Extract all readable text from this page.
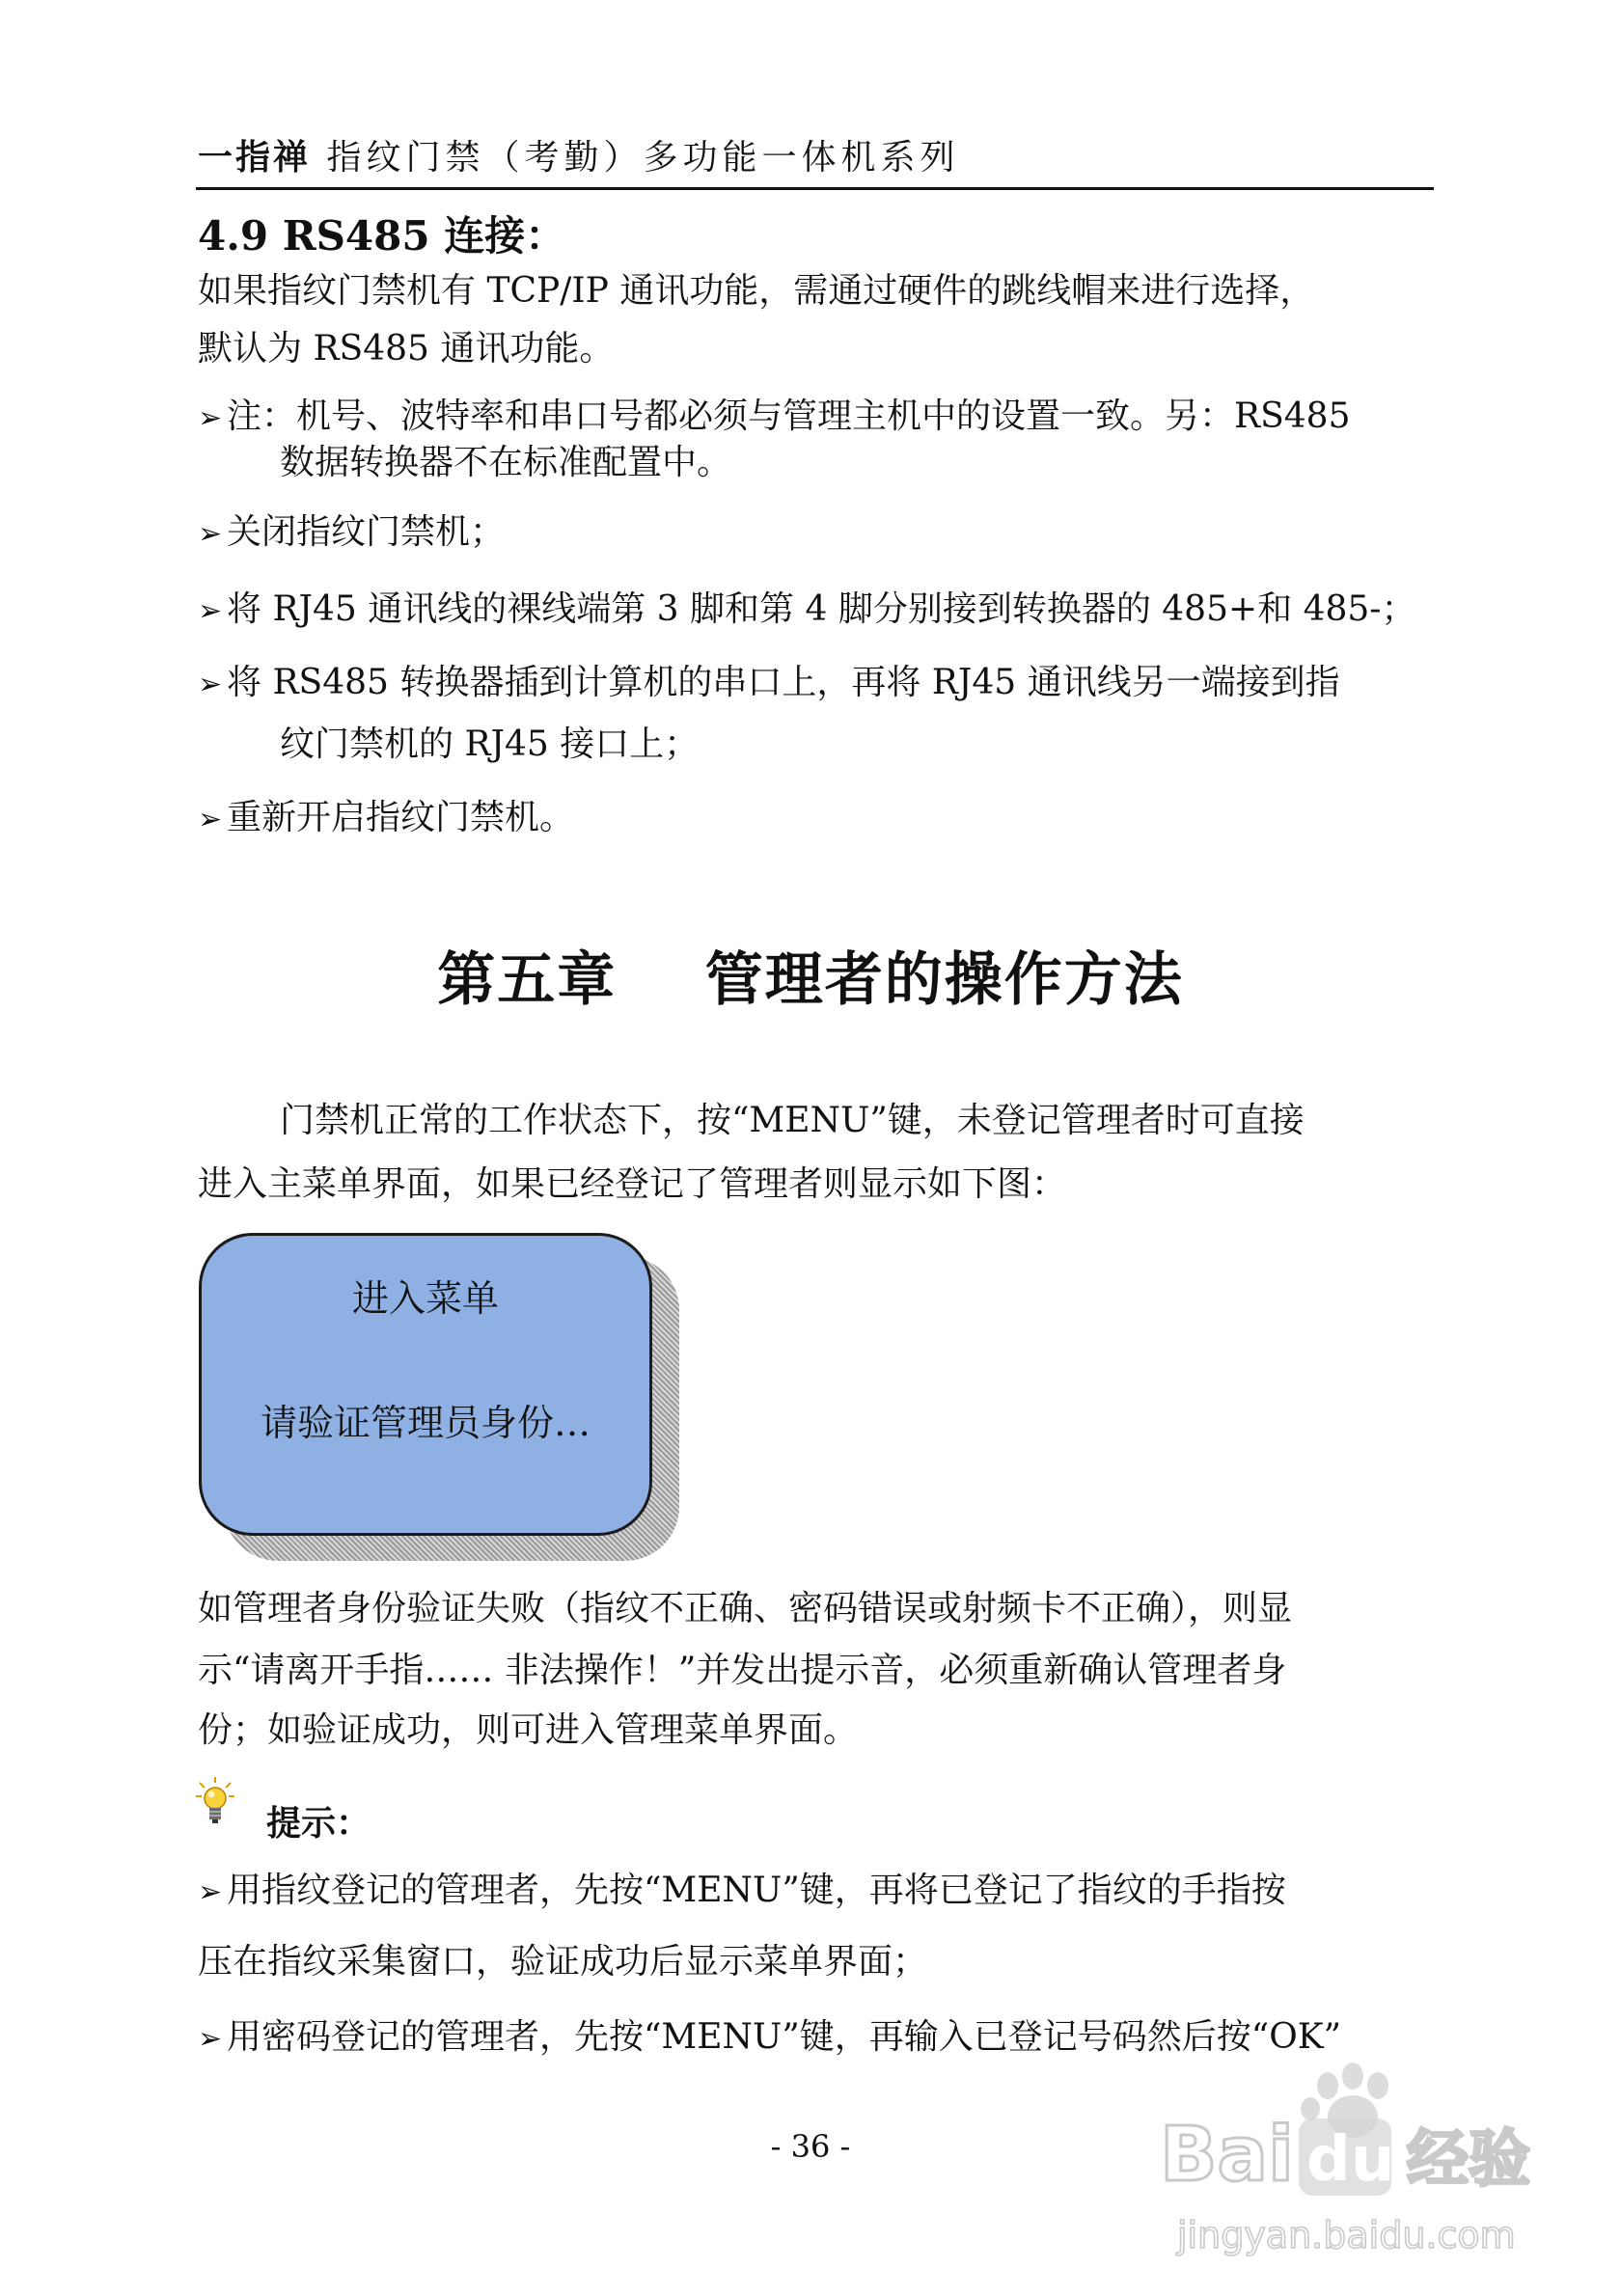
一指禅 指纹门禁（考勤）多功能一体机系列
4.9 RS485 连接：
如果指纹门禁机有 TCP/IP 通讯功能，需通过硬件的跳线帽来进行选择，
默认为 RS485 通讯功能。
➢ 注：机号、波特率和串口号都必须与管理主机中的设置一致。另：RS485
数据转换器不在标准配置中。
➢ 关闭指纹门禁机；
➢ 将 RJ45 通讯线的裸线端第 3 脚和第 4 脚分别接到转换器的 485+和 485-；
➢ 将 RS485 转换器插到计算机的串口上，再将 RJ45 通讯线另一端接到指
纹门禁机的 RJ45 接口上；
➢ 重新开启指纹门禁机。
第五章    管理者的操作方法
门禁机正常的工作状态下，按“MENU”键，未登记管理者时可直接
进入主菜单界面，如果已经登记了管理者则显示如下图：
进入菜单
请验证管理员身份…
如管理者身份验证失败（指纹不正确、密码错误或射频卡不正确），则显
示“请离开手指…… 非法操作！”并发出提示音，必须重新确认管理者身
份；如验证成功，则可进入管理菜单界面。
提示：
➢ 用指纹登记的管理者，先按“MENU”键，再将已登记了指纹的手指按
压在指纹采集窗口，验证成功后显示菜单界面；
➢ 用密码登记的管理者，先按“MENU”键，再输入已登记号码然后按“OK”
- 36 -	Bai du 经验
jingyan.baidu.com
